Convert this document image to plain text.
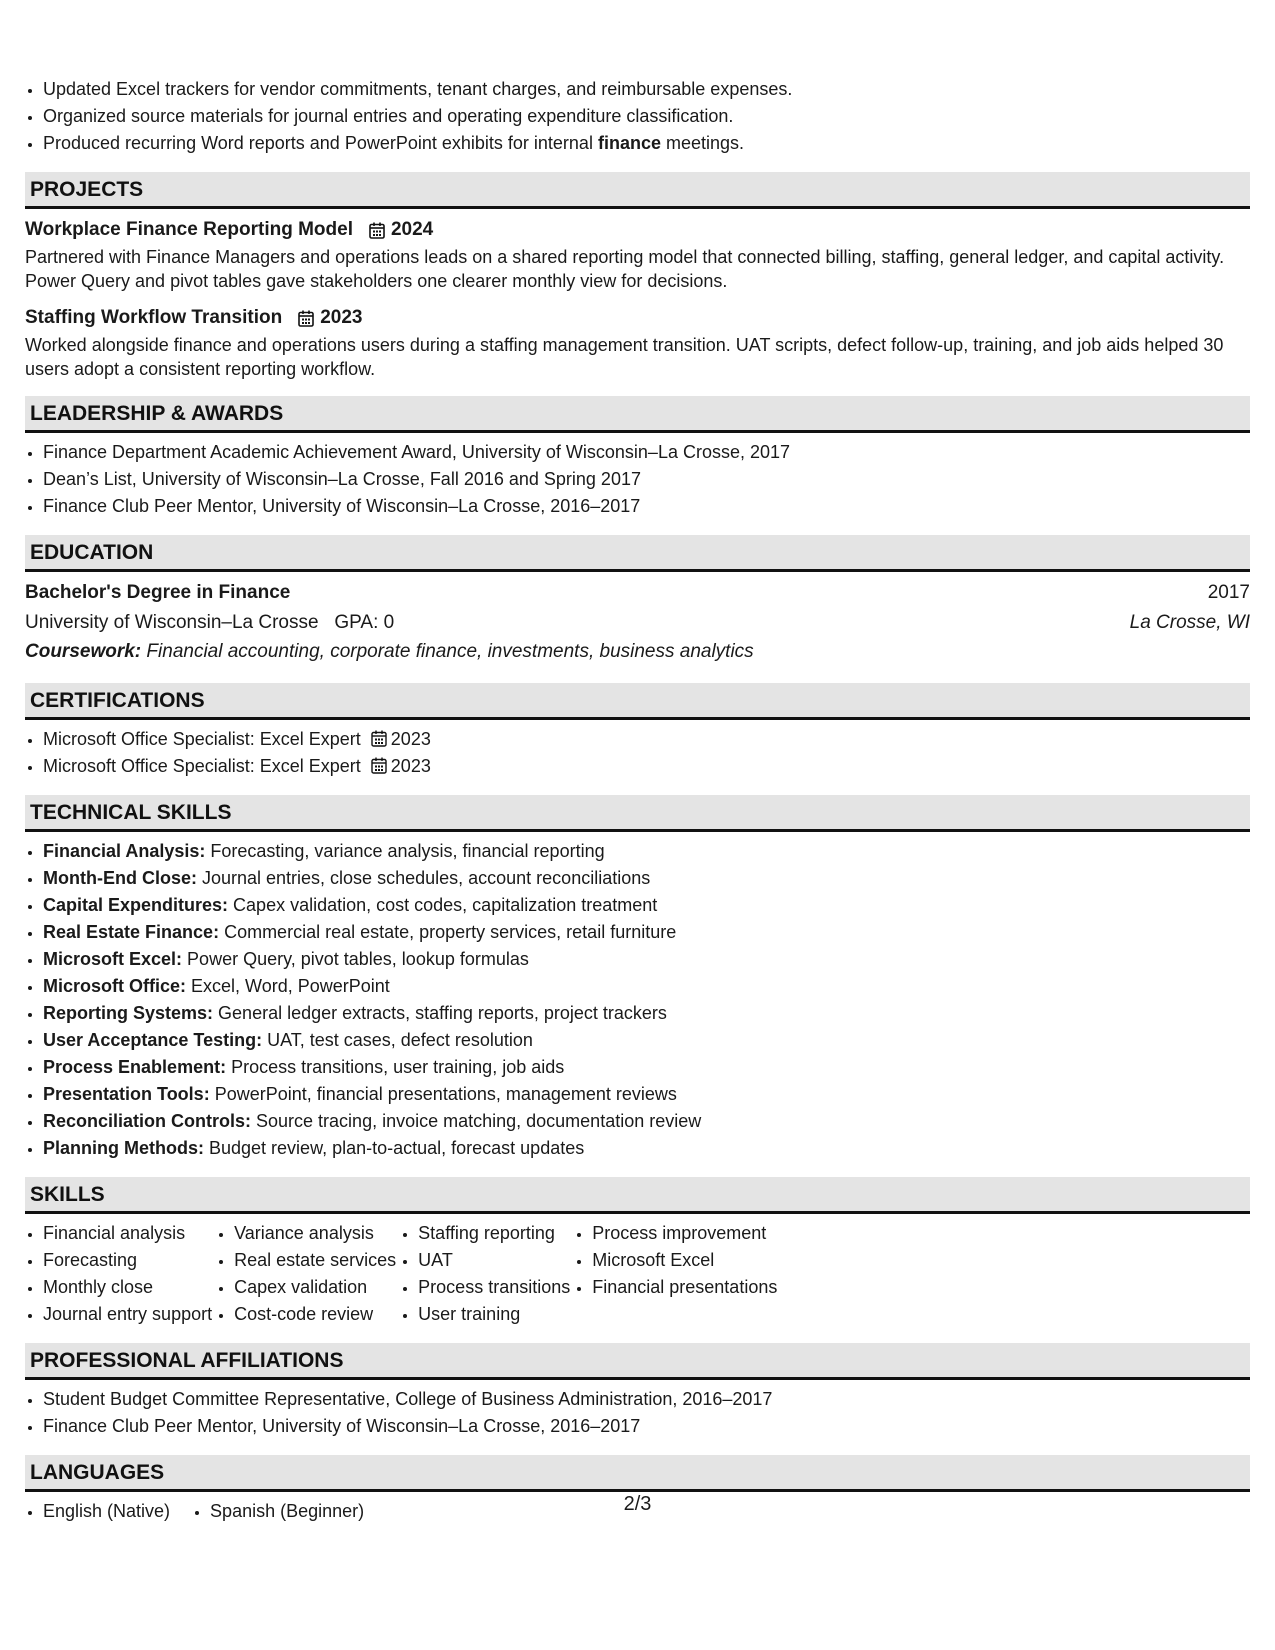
• Updated Excel trackers for vendor commitments, tenant charges, and reimbursable expenses.
• Organized source materials for journal entries and operating expenditure classification.
• Produced recurring Word reports and PowerPoint exhibits for internal finance meetings.
PROJECTS
Workplace Finance Reporting Model 2024
Partnered with Finance Managers and operations leads on a shared reporting model that connected billing, staffing, general ledger, and capital activity. Power Query and pivot tables gave stakeholders one clearer monthly view for decisions.
Staffing Workflow Transition 2023
Worked alongside finance and operations users during a staffing management transition. UAT scripts, defect follow-up, training, and job aids helped 30 users adopt a consistent reporting workflow.
LEADERSHIP & AWARDS
• Finance Department Academic Achievement Award, University of Wisconsin–La Crosse, 2017
• Dean’s List, University of Wisconsin–La Crosse, Fall 2016 and Spring 2017
• Finance Club Peer Mentor, University of Wisconsin–La Crosse, 2016–2017
EDUCATION
Bachelor's Degree in Finance	2017
University of Wisconsin–La Crosse   GPA: 0	La Crosse, WI
Coursework: Financial accounting, corporate finance, investments, business analytics
CERTIFICATIONS
• Microsoft Office Specialist: Excel Expert 2023
• Microsoft Office Specialist: Excel Expert 2023
TECHNICAL SKILLS
• Financial Analysis: Forecasting, variance analysis, financial reporting
• Month-End Close: Journal entries, close schedules, account reconciliations
• Capital Expenditures: Capex validation, cost codes, capitalization treatment
• Real Estate Finance: Commercial real estate, property services, retail furniture
• Microsoft Excel: Power Query, pivot tables, lookup formulas
• Microsoft Office: Excel, Word, PowerPoint
• Reporting Systems: General ledger extracts, staffing reports, project trackers
• User Acceptance Testing: UAT, test cases, defect resolution
• Process Enablement: Process transitions, user training, job aids
• Presentation Tools: PowerPoint, financial presentations, management reviews
• Reconciliation Controls: Source tracing, invoice matching, documentation review
• Planning Methods: Budget review, plan-to-actual, forecast updates
SKILLS
• Financial analysis
• Forecasting
• Monthly close
• Journal entry support
• Variance analysis
• Real estate services
• Capex validation
• Cost-code review
• Staffing reporting
• UAT
• Process transitions
• User training
• Process improvement
• Microsoft Excel
• Financial presentations
PROFESSIONAL AFFILIATIONS
• Student Budget Committee Representative, College of Business Administration, 2016–2017
• Finance Club Peer Mentor, University of Wisconsin–La Crosse, 2016–2017
LANGUAGES
• English (Native)
• Spanish (Beginner)	2/3
